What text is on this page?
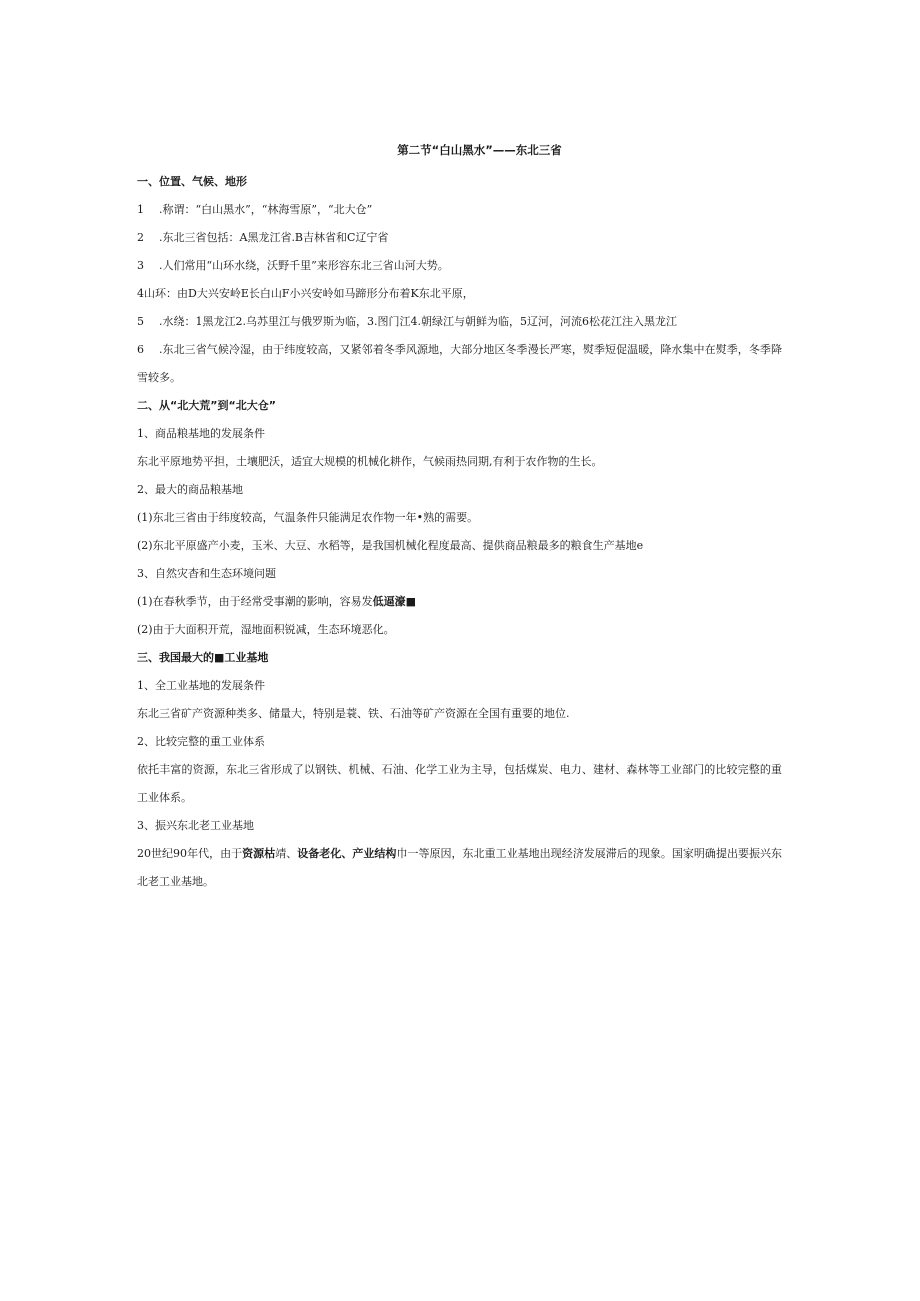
第二节“白山黑水”——东北三省

一、位置、气候、地形

1 .称谓：“白山黑水”，“林海雪原”，“北大仓”

2 .东北三省包括：A黑龙江省.B吉林省和C辽宁省

3 .人们常用“山环水绕，沃野千里”来形容东北三省山河大势。

4山环：由D大兴安岭E长白山F小兴安岭如马蹄形分布着K东北平原，

5 .水绕：1黑龙江2.乌苏里江与俄罗斯为临，3.图门江4.朝绿江与朝鲜为临，5辽河，河流6松花江注入黑龙江

6 .东北三省气候冷湿，由于纬度较高，又紧邻着冬季风源地，大部分地区冬季漫长严寒，熨季短促温暖，降水集中在熨季，冬季降雪较多。

二、从“北大荒”到“北大仓”

1、商品粮基地的发展条件

东北平原地势平担，土壤肥沃，适宜大规模的机械化耕作，气候雨热同期,有利于农作物的生长。

2、最大的商品粮基地

(1)东北三省由于纬度较高，气温条件只能满足农作物一年•熟的需要。

(2)东北平原盛产小麦，玉米、大豆、水稻等，是我国机械化程度最高、提供商品粮最多的粮食生产基地e

3、自然灾杳和生态环境问题

(1)在春秋季节，由于经常受事潮的影响，容易发低逼濠■

(2)由于大面积开荒，湿地面积锐减，生态环境恶化。

三、我国最大的■工业基地

1、全工业基地的发展条件

东北三省矿产资源种类多、储量大，特别是蓑、铁、石油等矿产资源在全国有重要的地位.

2、比较完整的重工业体系

依托丰富的资源，东北三省形成了以钢铁、机械、石油、化学工业为主导，包括煤炭、电力、建材、森林等工业部门的比较完整的重工业体系。

3、振兴东北老工业基地

20世纪90年代，由于资源枯靖、设备老化、产业结构巾一等原因，东北重工业基地出现经济发展滞后的现象。国家明确提出要振兴东北老工业基地。
